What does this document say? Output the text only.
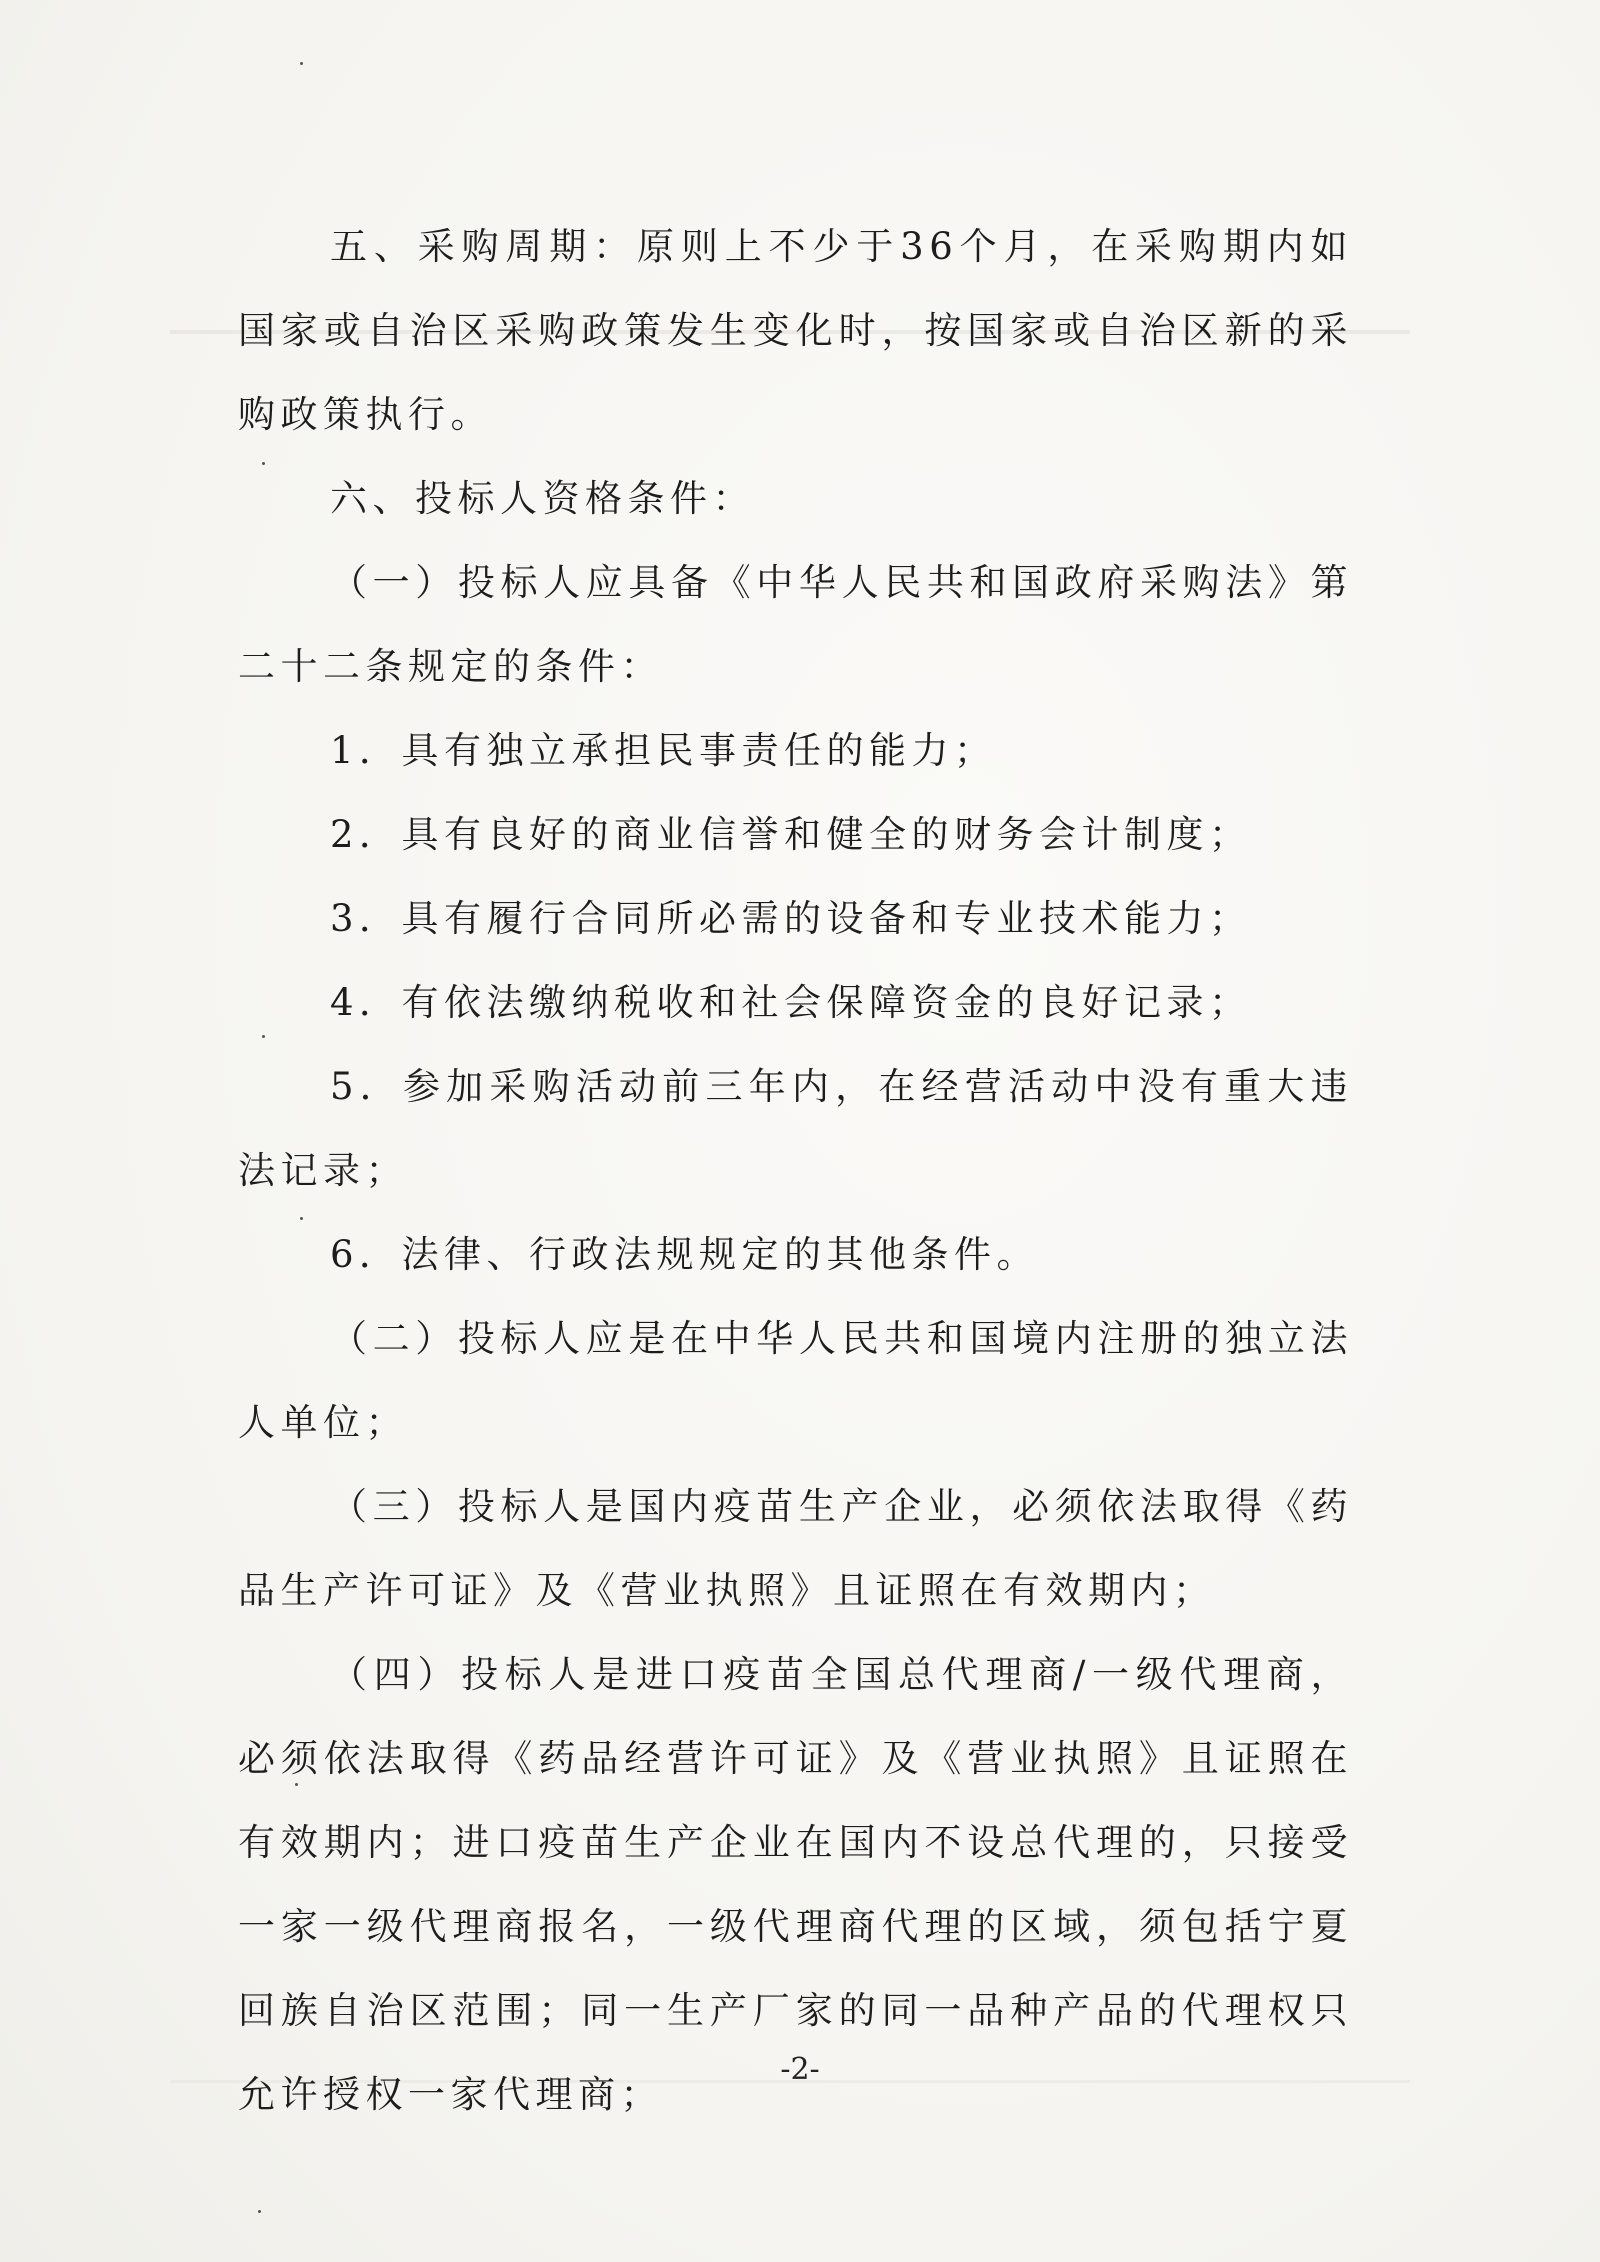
五、采购周期：原则上不少于36个月，在采购期内如国家或自治区采购政策发生变化时，按国家或自治区新的采购政策执行。

六、投标人资格条件：

（一）投标人应具备《中华人民共和国政府采购法》第二十二条规定的条件：

1．具有独立承担民事责任的能力；

2．具有良好的商业信誉和健全的财务会计制度；

3．具有履行合同所必需的设备和专业技术能力；

4．有依法缴纳税收和社会保障资金的良好记录；

5．参加采购活动前三年内，在经营活动中没有重大违法记录；

6．法律、行政法规规定的其他条件。

（二）投标人应是在中华人民共和国境内注册的独立法人单位；

（三）投标人是国内疫苗生产企业，必须依法取得《药品生产许可证》及《营业执照》且证照在有效期内；

（四）投标人是进口疫苗全国总代理商/一级代理商，必须依法取得《药品经营许可证》及《营业执照》且证照在有效期内；进口疫苗生产企业在国内不设总代理的，只接受一家一级代理商报名，一级代理商代理的区域，须包括宁夏回族自治区范围；同一生产厂家的同一品种产品的代理权只允许授权一家代理商；

-2-
